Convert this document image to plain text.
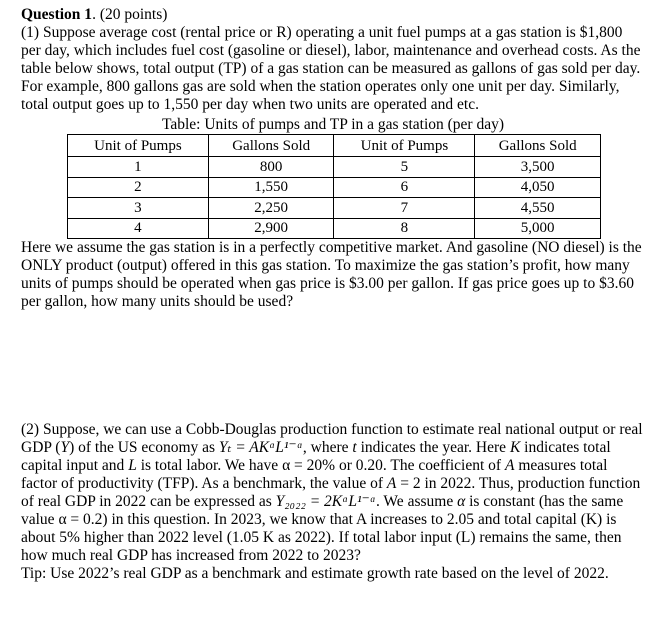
Question 1. (20 points)

(1) Suppose average cost (rental price or R) operating a unit fuel pumps at a gas station is $1,800 per day, which includes fuel cost (gasoline or diesel), labor, maintenance and overhead costs. As the table below shows, total output (TP) of a gas station can be measured as gallons of gas sold per day. For example, 800 gallons gas are sold when the station operates only one unit per day. Similarly, total output goes up to 1,550 per day when two units are operated and etc.

Table: Units of pumps and TP in a gas station (per day)

Unit of Pumps	Gallons Sold	Unit of Pumps	Gallons Sold
1	800	5	3,500
2	1,550	6	4,050
3	2,250	7	4,550
4	2,900	8	5,000

Here we assume the gas station is in a perfectly competitive market. And gasoline (NO diesel) is the ONLY product (output) offered in this gas station. To maximize the gas station’s profit, how many units of pumps should be operated when gas price is $3.00 per gallon. If gas price goes up to $3.60 per gallon, how many units should be used?

(2) Suppose, we can use a Cobb-Douglas production function to estimate real national output or real GDP (Y) of the US economy as Yₜ = AKᵅL¹⁻ᵅ, where t indicates the year. Here K indicates total capital input and L is total labor. We have α = 20% or 0.20. The coefficient of A measures total factor of productivity (TFP). As a benchmark, the value of A = 2 in 2022. Thus, production function of real GDP in 2022 can be expressed as Y₂₀₂₂ = 2KᵅL¹⁻ᵅ. We assume α is constant (has the same value α = 0.2) in this question. In 2023, we know that A increases to 2.05 and total capital (K) is about 5% higher than 2022 level (1.05 K as 2022). If total labor input (L) remains the same, then how much real GDP has increased from 2022 to 2023?

Tip: Use 2022’s real GDP as a benchmark and estimate growth rate based on the level of 2022.
